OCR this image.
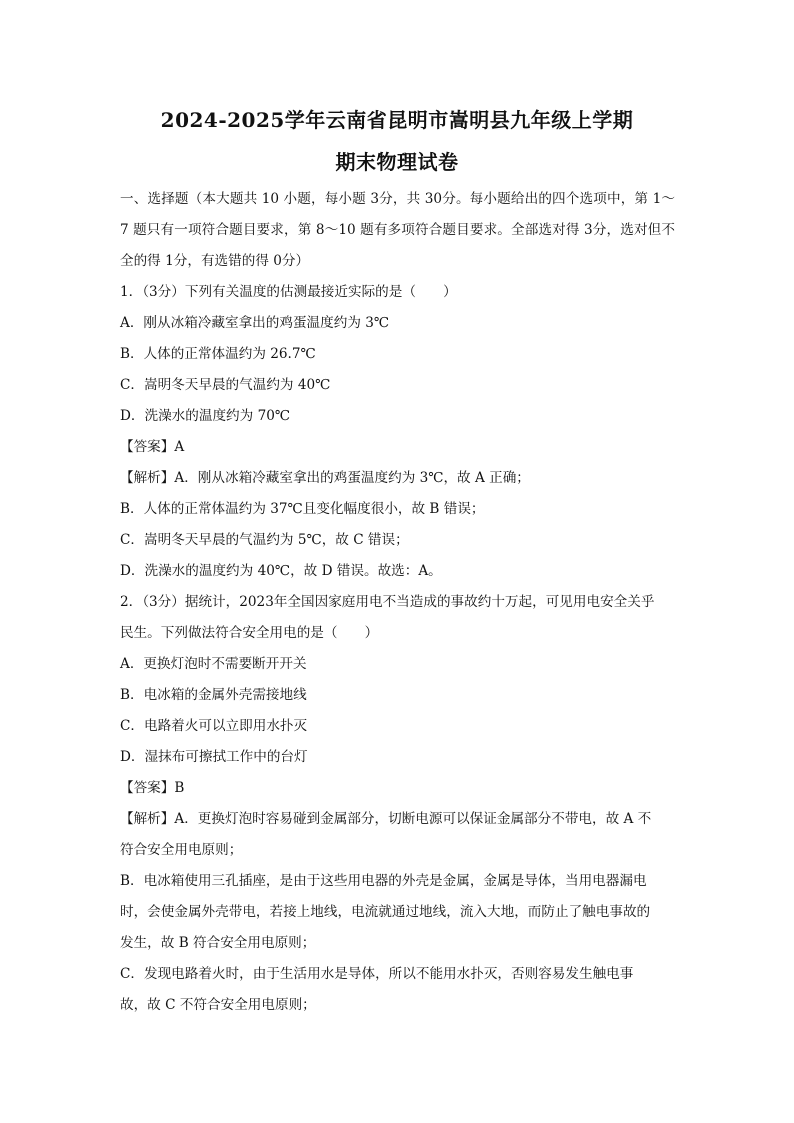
2024-2025学年云南省昆明市嵩明县九年级上学期
期末物理试卷
一、选择题（本大题共 10 小题，每小题 3分，共 30分。每小题给出的四个选项中，第 1～7 题只有一项符合题目要求，第 8～10 题有多项符合题目要求。全部选对得 3分，选对但不全的得 1分，有选错的得 0分）
1．（3分）下列有关温度的估测最接近实际的是（　　）
A．刚从冰箱冷藏室拿出的鸡蛋温度约为 3℃
B．人体的正常体温约为 26.7℃
C．嵩明冬天早晨的气温约为 40℃
D．洗澡水的温度约为 70℃
【答案】A
【解析】A．刚从冰箱冷藏室拿出的鸡蛋温度约为 3℃，故 A 正确；
B．人体的正常体温约为 37℃且变化幅度很小，故 B 错误；
C．嵩明冬天早晨的气温约为 5℃，故 C 错误；
D．洗澡水的温度约为 40℃，故 D 错误。故选：A。
2．（3分）据统计，2023年全国因家庭用电不当造成的事故约十万起，可见用电安全关乎
民生。下列做法符合安全用电的是（　　）
A．更换灯泡时不需要断开开关
B．电冰箱的金属外壳需接地线
C．电路着火可以立即用水扑灭
D．湿抹布可擦拭工作中的台灯
【答案】B
【解析】A．更换灯泡时容易碰到金属部分，切断电源可以保证金属部分不带电，故 A 不
符合安全用电原则；
B．电冰箱使用三孔插座，是由于这些用电器的外壳是金属，金属是导体，当用电器漏电
时，会使金属外壳带电，若接上地线，电流就通过地线，流入大地，而防止了触电事故的
发生，故 B 符合安全用电原则；
C．发现电路着火时，由于生活用水是导体，所以不能用水扑灭，否则容易发生触电事
故，故 C 不符合安全用电原则；
